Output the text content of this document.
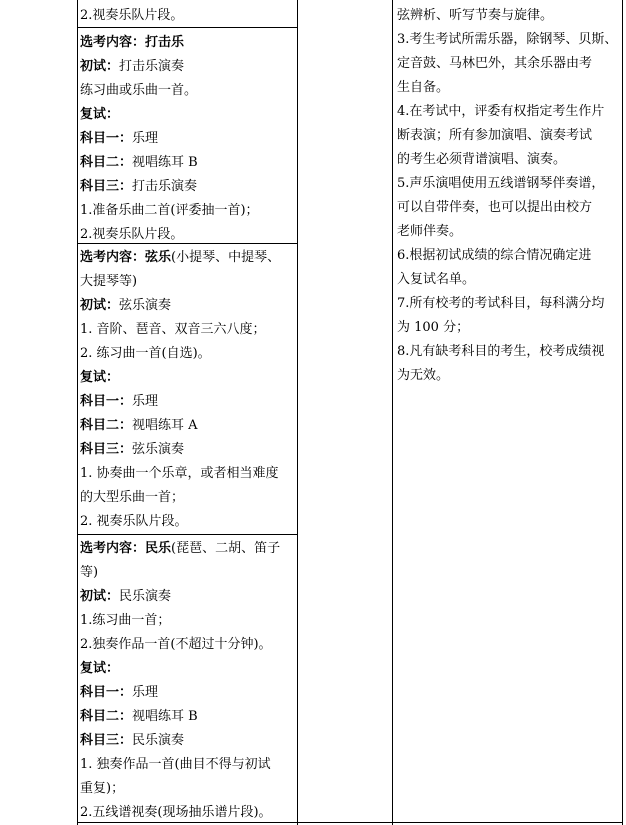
2.视奏乐队片段。
选考内容：打击乐
初试：打击乐演奏
练习曲或乐曲一首。
复试：
科目一：乐理
科目二：视唱练耳 B
科目三：打击乐演奏
1.准备乐曲二首(评委抽一首)；
2.视奏乐队片段。
选考内容：弦乐(小提琴、中提琴、
大提琴等)
初试：弦乐演奏
1. 音阶、琶音、双音三六八度；
2. 练习曲一首(自选)。
复试：
科目一：乐理
科目二：视唱练耳 A
科目三：弦乐演奏
1. 协奏曲一个乐章，或者相当难度
的大型乐曲一首；
2. 视奏乐队片段。
选考内容：民乐(琵琶、二胡、笛子
等)
初试：民乐演奏
1.练习曲一首；
2.独奏作品一首(不超过十分钟)。
复试：
科目一：乐理
科目二：视唱练耳 B
科目三：民乐演奏
1. 独奏作品一首(曲目不得与初试
重复)；
2.五线谱视奏(现场抽乐谱片段)。
弦辨析、听写节奏与旋律。
3.考生考试所需乐器，除钢琴、贝斯、
定音鼓、马林巴外，其余乐器由考
生自备。
4.在考试中，评委有权指定考生作片
断表演；所有参加演唱、演奏考试
的考生必须背谱演唱、演奏。
5.声乐演唱使用五线谱钢琴伴奏谱，
可以自带伴奏，也可以提出由校方
老师伴奏。
6.根据初试成绩的综合情况确定进
入复试名单。
7.所有校考的考试科目，每科满分均
为 100 分；
8.凡有缺考科目的考生，校考成绩视
为无效。
